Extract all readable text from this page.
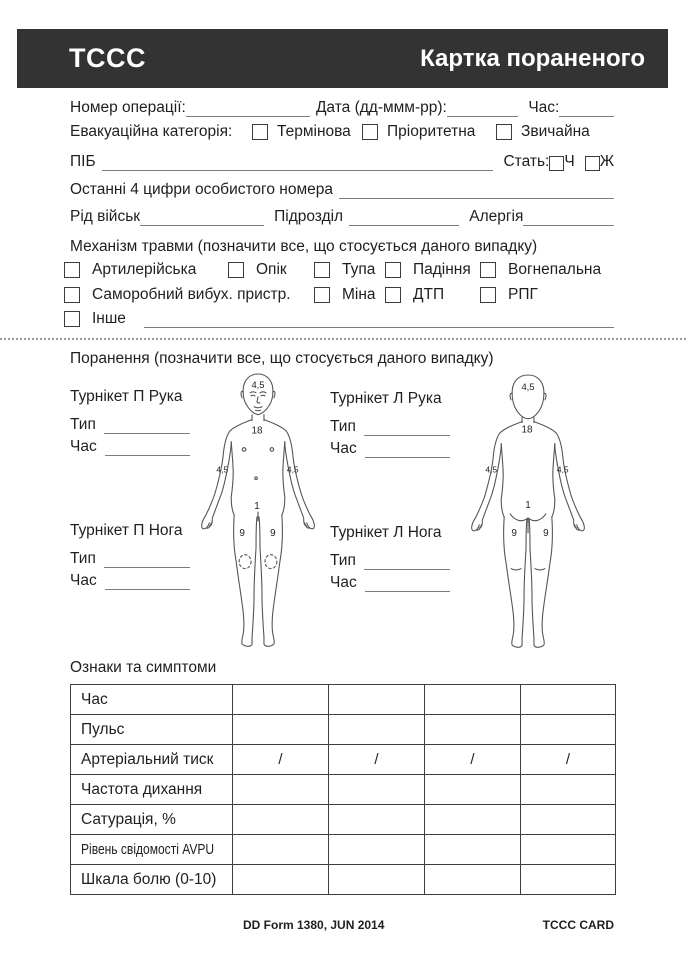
TCCC	Картка пораненого
Номер операції:	Дата (дд-ммм-рр):	Час:
Евакуаційна категорія:	Термінова Пріоритетна	Звичайна
ПІБ	Стать: Ч Ж
Останні 4 цифри особистого номера
Рід військ	Підрозділ	Алергія
Механізм травми (позначити все, що стосується даного випадку)
Артилерійська	Опік	Тупа Падіння Вогнепальна
Саморобний вибух. пристр.	Міна ДТП	РПГ
Інше
Поранення (позначити все, що стосується даного випадку)
Турнікет П Рука
Тип
Час
Турнікет Л Рука
Тип
Час
Турнікет П Нога
Тип
Час
Турнікет Л Нога
Тип
Час
4,5
18
4,5	4,5
1
9	9
4,5
18
4,5	4,5
1
9	9
Ознаки та симптоми
Час				
Пульс				
Артеріальний тиск	/	/	/	/
Частота дихання				
Сатурація, %				
Рівень свідомості AVPU				
Шкала болю (0-10)				
DD Form 1380, JUN 2014	TCCC CARD
